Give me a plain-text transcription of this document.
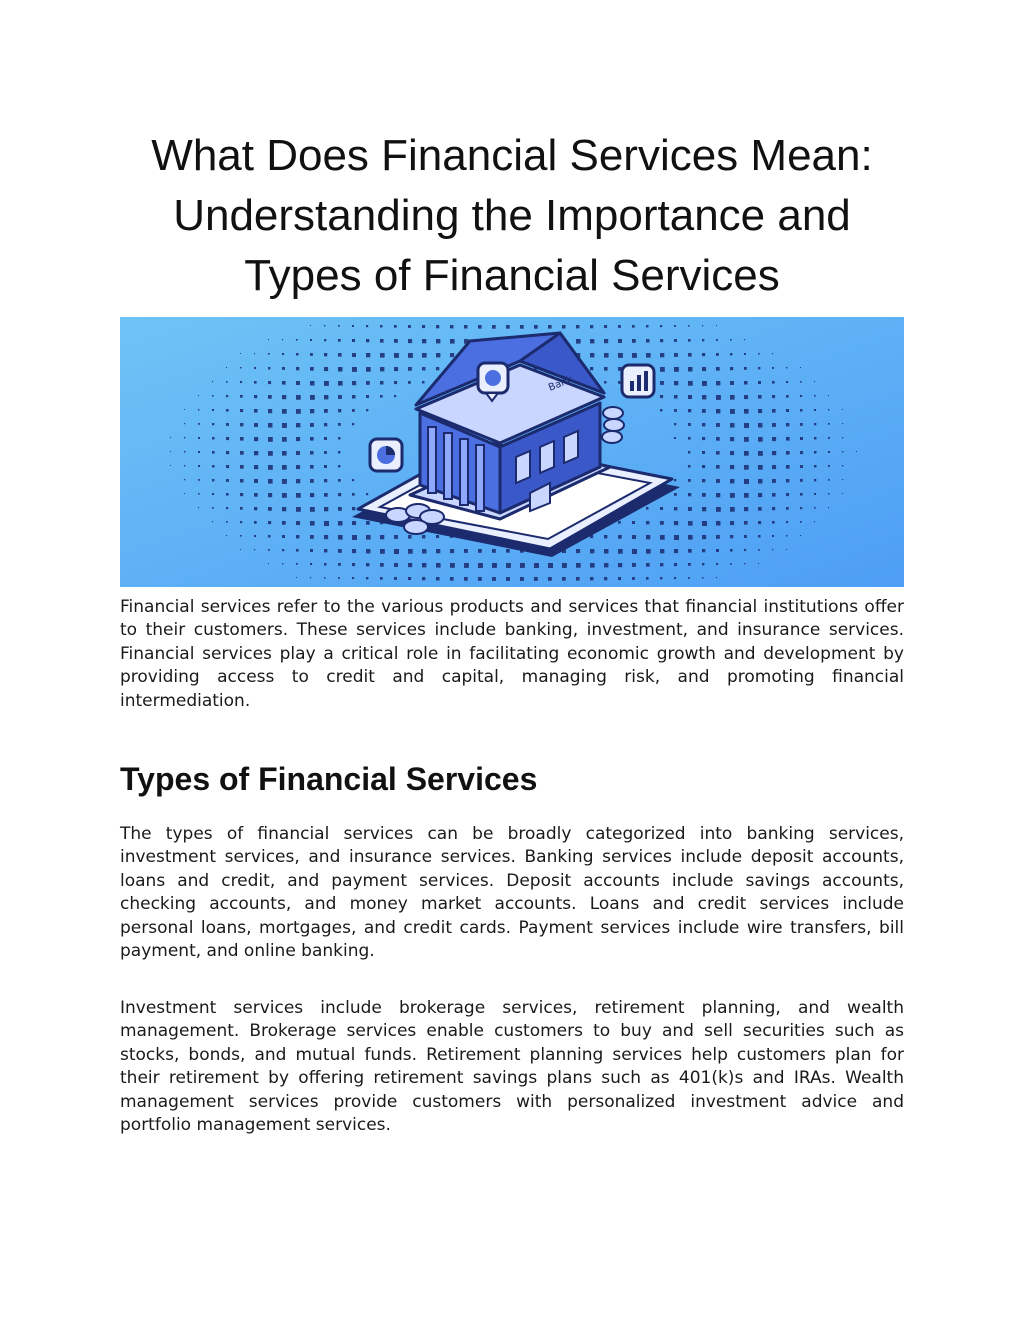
What Does Financial Services Mean: Understanding the Importance and Types of Financial Services
Bank

Financial services refer to the various products and services that financial institutions offer to their customers. These services include banking, investment, and insurance services. Financial services play a critical role in facilitating economic growth and development by providing access to credit and capital, managing risk, and promoting financial intermediation.

Types of Financial Services

The types of financial services can be broadly categorized into banking services, investment services, and insurance services. Banking services include deposit accounts, loans and credit, and payment services. Deposit accounts include savings accounts, checking accounts, and money market accounts. Loans and credit services include personal loans, mortgages, and credit cards. Payment services include wire transfers, bill payment, and online banking.

Investment services include brokerage services, retirement planning, and wealth management. Brokerage services enable customers to buy and sell securities such as stocks, bonds, and mutual funds. Retirement planning services help customers plan for their retirement by offering retirement savings plans such as 401(k)s and IRAs. Wealth management services provide customers with personalized investment advice and portfolio management services.
